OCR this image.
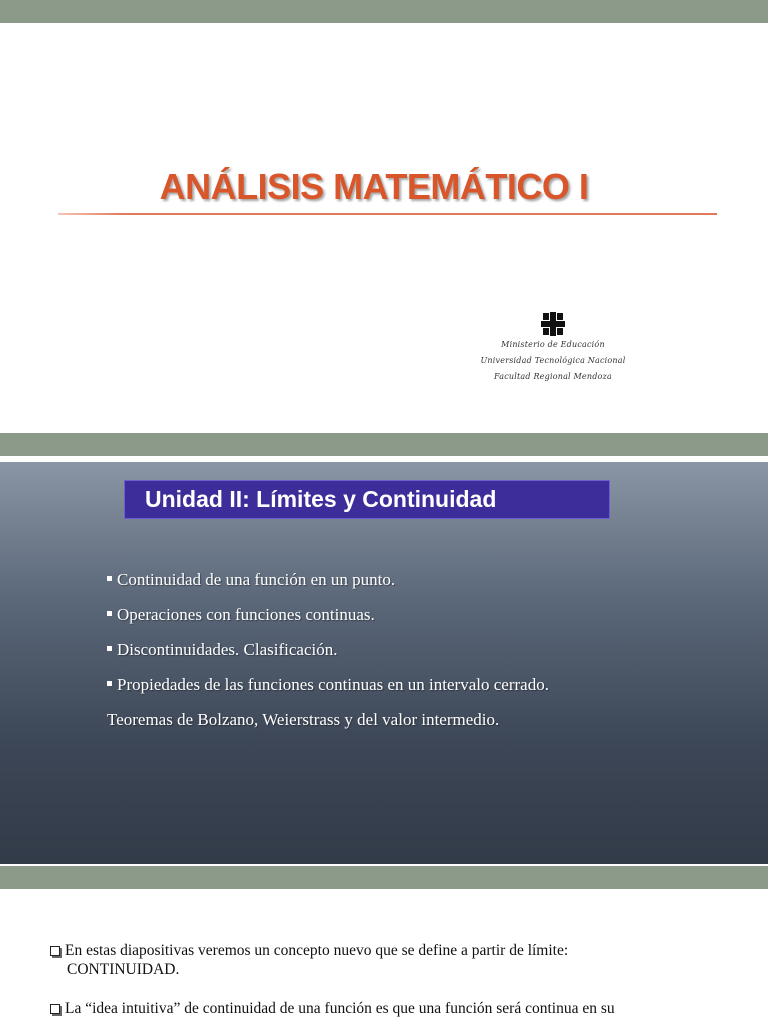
ANÁLISIS MATEMÁTICO I
Ministerio de Educación
Universidad Tecnológica Nacional
Facultad Regional Mendoza
Unidad II: Límites y Continuidad
Continuidad de una función en un punto.
Operaciones con funciones continuas.
Discontinuidades. Clasificación.
Propiedades de las funciones continuas en un intervalo cerrado.
Teoremas de Bolzano, Weierstrass y del valor intermedio.
En estas diapositivas veremos un concepto nuevo que se define a partir de límite:
CONTINUIDAD.
La “idea intuitiva” de continuidad de una función es que una función será continua en su
